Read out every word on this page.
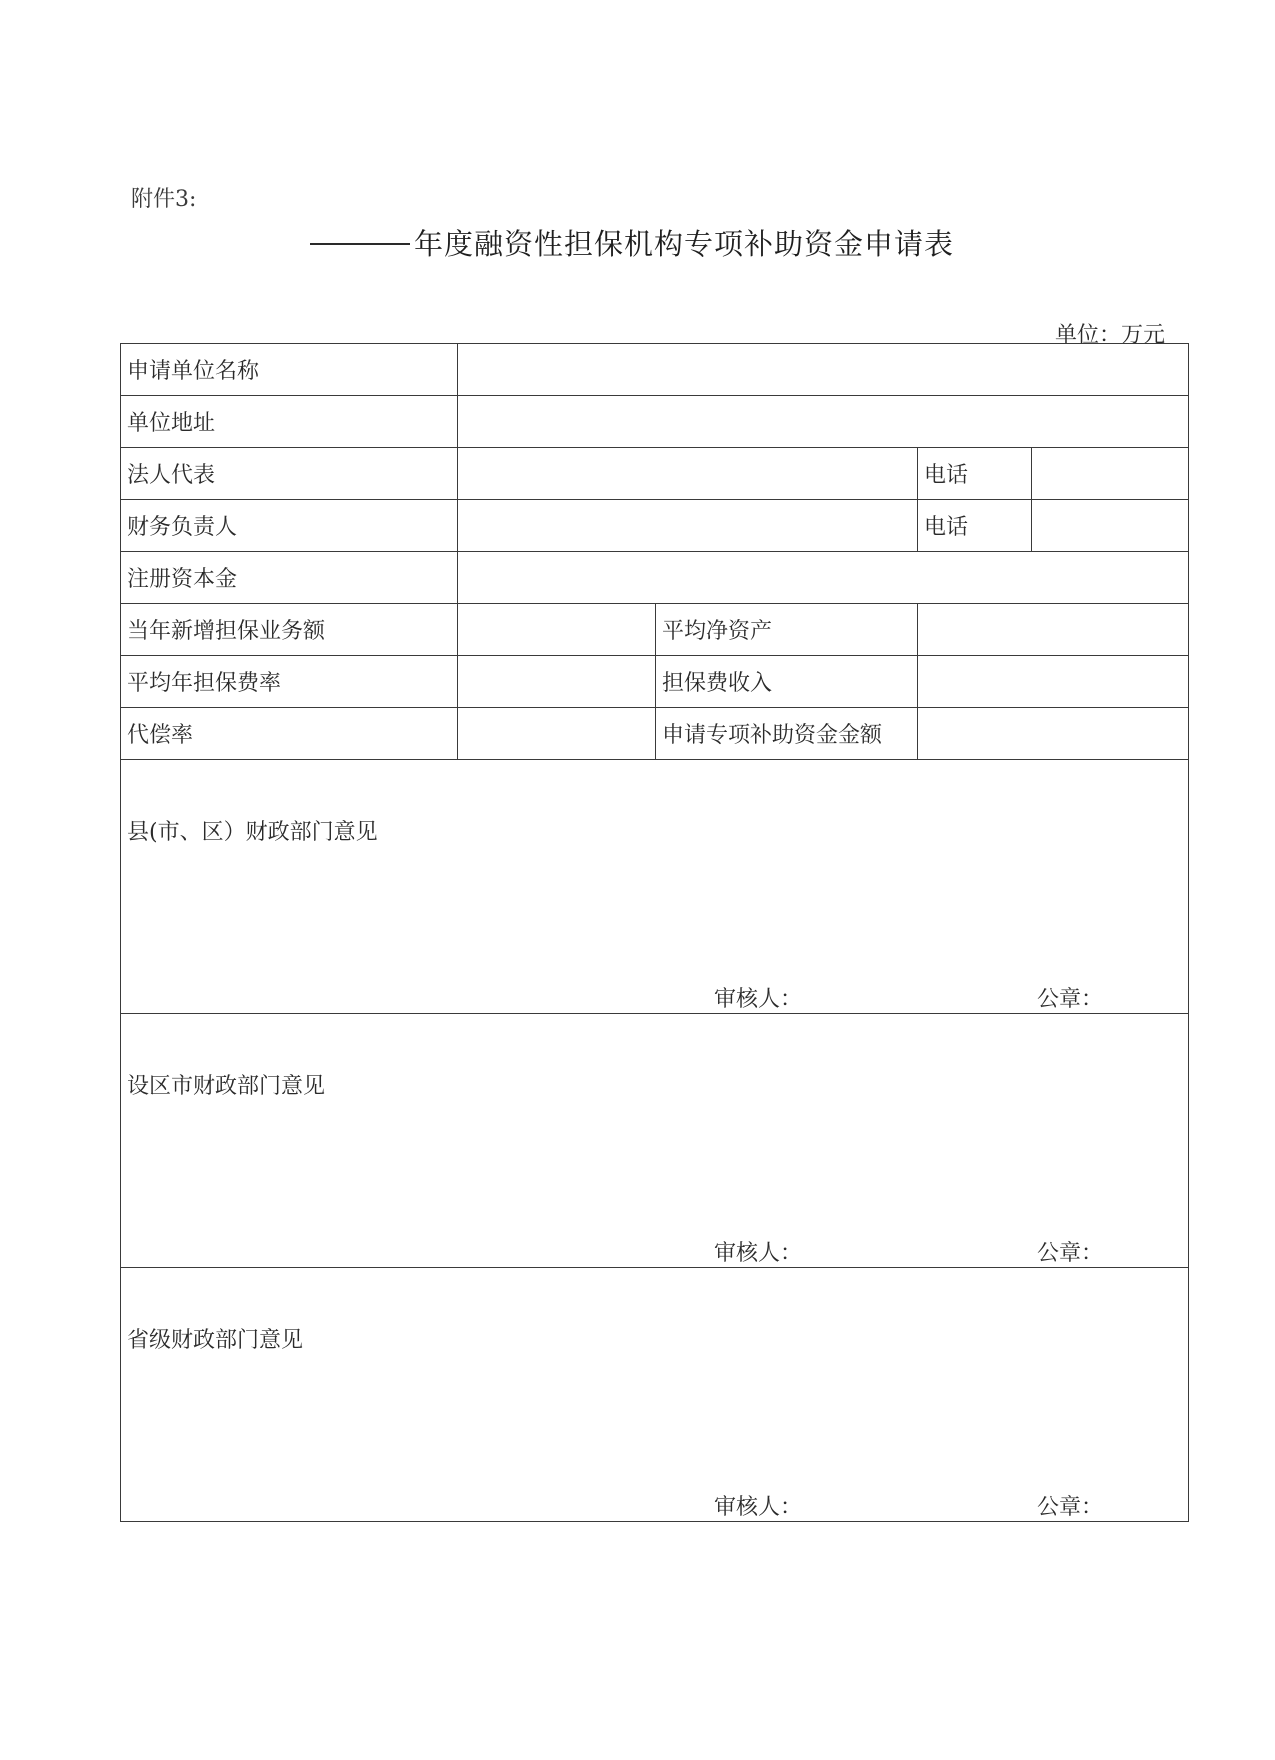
附件3:
年度融资性担保机构专项补助资金申请表
单位：万元
申请单位名称				
单位地址				
法人代表			电话	
财务负责人			电话	
注册资本金				
当年新增担保业务额		平均净资产		
平均年担保费率		担保费收入		
代偿率		申请专项补助资金金额		

县(市、区）财政部门意见
审核人： 公章：				

设区市财政部门意见
审核人： 公章：				

省级财政部门意见
审核人： 公章：				
